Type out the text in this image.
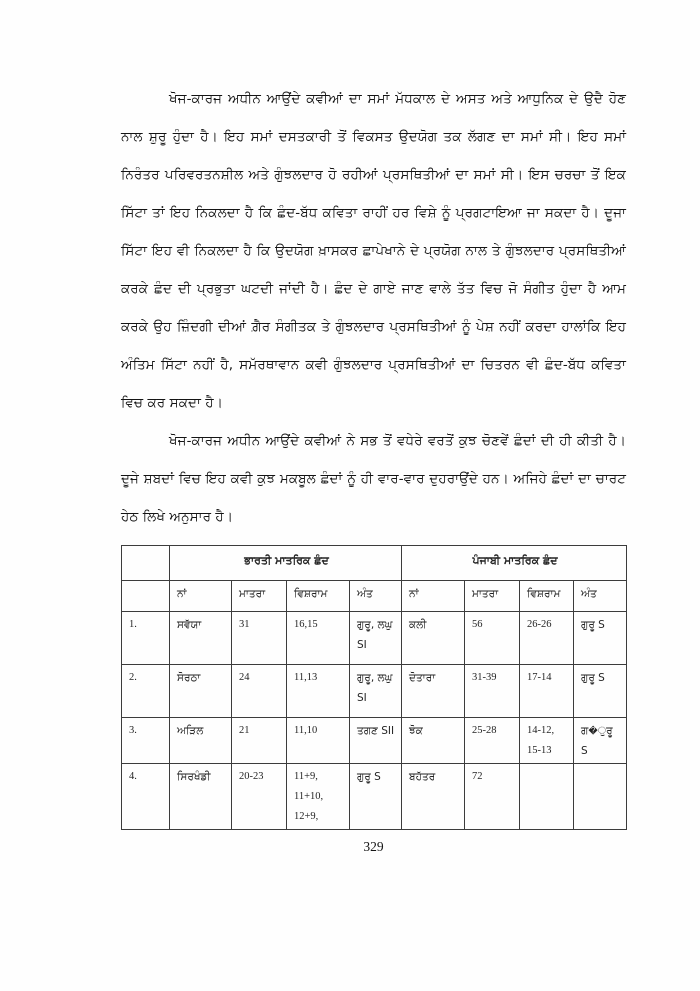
ਖੋਜ-ਕਾਰਜ ਅਧੀਨ ਆਉਂਦੇ ਕਵੀਆਂ ਦਾ ਸਮਾਂ ਮੱਧਕਾਲ ਦੇ ਅਸਤ ਅਤੇ ਆਧੁਨਿਕ ਦੇ ਉਦੈ ਹੋਣ ਨਾਲ ਸ਼ੁਰੂ ਹੁੰਦਾ ਹੈ। ਇਹ ਸਮਾਂ ਦਸਤਕਾਰੀ ਤੋਂ ਵਿਕਸਤ ਉਦਯੋਗ ਤਕ ਲੱਗਣ ਦਾ ਸਮਾਂ ਸੀ। ਇਹ ਸਮਾਂ ਨਿਰੰਤਰ ਪਰਿਵਰਤਨਸ਼ੀਲ ਅਤੇ ਗੁੰਝਲਦਾਰ ਹੋ ਰਹੀਆਂ ਪ੍ਰਸਥਿਤੀਆਂ ਦਾ ਸਮਾਂ ਸੀ। ਇਸ ਚਰਚਾ ਤੋਂ ਇਕ ਸਿੱਟਾ ਤਾਂ ਇਹ ਨਿਕਲਦਾ ਹੈ ਕਿ ਛੰਦ-ਬੱਧ ਕਵਿਤਾ ਰਾਹੀਂ ਹਰ ਵਿਸ਼ੇ ਨੂੰ ਪ੍ਰਗਟਾਇਆ ਜਾ ਸਕਦਾ ਹੈ। ਦੂਜਾ ਸਿੱਟਾ ਇਹ ਵੀ ਨਿਕਲਦਾ ਹੈ ਕਿ ਉਦਯੋਗ ਖ਼ਾਸਕਰ ਛਾਪੇਖਾਨੇ ਦੇ ਪ੍ਰਯੋਗ ਨਾਲ ਤੇ ਗੁੰਝਲਦਾਰ ਪ੍ਰਸਥਿਤੀਆਂ ਕਰਕੇ ਛੰਦ ਦੀ ਪ੍ਰਭੁਤਾ ਘਟਦੀ ਜਾਂਦੀ ਹੈ। ਛੰਦ ਦੇ ਗਾਏ ਜਾਣ ਵਾਲੇ ਤੱਤ ਵਿਚ ਜੋ ਸੰਗੀਤ ਹੁੰਦਾ ਹੈ ਆਮ ਕਰਕੇ ਉਹ ਜ਼ਿੰਦਗੀ ਦੀਆਂ ਗ਼ੈਰ ਸੰਗੀਤਕ ਤੇ ਗੁੰਝਲਦਾਰ ਪ੍ਰਸਥਿਤੀਆਂ ਨੂੰ ਪੇਸ਼ ਨਹੀਂ ਕਰਦਾ ਹਾਲਾਂਕਿ ਇਹ ਅੰਤਿਮ ਸਿੱਟਾ ਨਹੀਂ ਹੈ, ਸਮੱਰਥਾਵਾਨ ਕਵੀ ਗੁੰਝਲਦਾਰ ਪ੍ਰਸਥਿਤੀਆਂ ਦਾ ਚਿਤਰਨ ਵੀ ਛੰਦ-ਬੱਧ ਕਵਿਤਾ ਵਿਚ ਕਰ ਸਕਦਾ ਹੈ।

ਖੋਜ-ਕਾਰਜ ਅਧੀਨ ਆਉਂਦੇ ਕਵੀਆਂ ਨੇ ਸਭ ਤੋਂ ਵਧੇਰੇ ਵਰਤੋਂ ਕੁਝ ਚੋਣਵੇਂ ਛੰਦਾਂ ਦੀ ਹੀ ਕੀਤੀ ਹੈ। ਦੂਜੇ ਸ਼ਬਦਾਂ ਵਿਚ ਇਹ ਕਵੀ ਕੁਝ ਮਕਬੂਲ ਛੰਦਾਂ ਨੂੰ ਹੀ ਵਾਰ-ਵਾਰ ਦੁਹਰਾਉਂਦੇ ਹਨ। ਅਜਿਹੇ ਛੰਦਾਂ ਦਾ ਚਾਰਟ ਹੇਠ ਲਿਖੇ ਅਨੁਸਾਰ ਹੈ।

	ਭਾਰਤੀ ਮਾਤਰਿਕ ਛੰਦ				ਪੰਜਾਬੀ ਮਾਤਰਿਕ ਛੰਦ			
	ਨਾਂ	ਮਾਤਰਾ	ਵਿਸ਼ਰਾਮ	ਅੰਤ	ਨਾਂ	ਮਾਤਰਾ	ਵਿਸ਼ਰਾਮ	ਅੰਤ
1.	ਸਵੱਯਾ	31	16,15	ਗੁਰੂ, ਲਘੁ SI	ਕਲੀ	56	26-26	ਗੁਰੂ S
2.	ਸੋਰਠਾ	24	11,13	ਗੁਰੂ, ਲਘੁ SI	ਦੋਤਾਰਾ	31-39	17-14	ਗੁਰੂ S
3.	ਅੜਿਲ	21	11,10	ਤਗਣ SII	ਝੋਕ	25-28	14-12, 15-13	ਗ�ੁਰੂ S
4.	ਸਿਰਖੰਡੀ	20-23	11+9, 11+10, 12+9,	ਗੁਰੂ S	ਬਹੱਤਰ	72		
329
